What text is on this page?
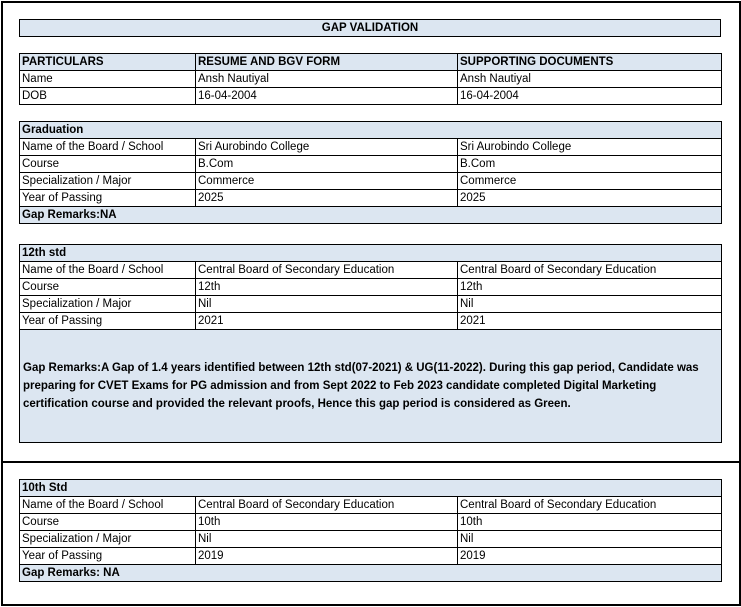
GAP VALIDATION
PARTICULARS	RESUME AND BGV FORM	SUPPORTING DOCUMENTS
Name	Ansh Nautiyal	Ansh Nautiyal
DOB	16-04-2004	16-04-2004
Graduation		
Name of the Board / School	Sri Aurobindo College	Sri Aurobindo College
Course	B.Com	B.Com
Specialization / Major	Commerce	Commerce
Year of Passing	2025	2025
Gap Remarks:NA		
12th std		
Name of the Board / School	Central Board of Secondary Education	Central Board of Secondary Education
Course	12th	12th
Specialization / Major	Nil	Nil
Year of Passing	2021	2021
Gap Remarks:A Gap of 1.4 years identified between 12th std(07-2021) & UG(11-2022). During this gap period, Candidate was preparing for CVET Exams for PG admission and from Sept 2022 to Feb 2023 candidate completed Digital Marketing certification course and provided the relevant proofs, Hence this gap period is considered as Green.		
10th Std		
Name of the Board / School	Central Board of Secondary Education	Central Board of Secondary Education
Course	10th	10th
Specialization / Major	Nil	Nil
Year of Passing	2019	2019
Gap Remarks: NA		
